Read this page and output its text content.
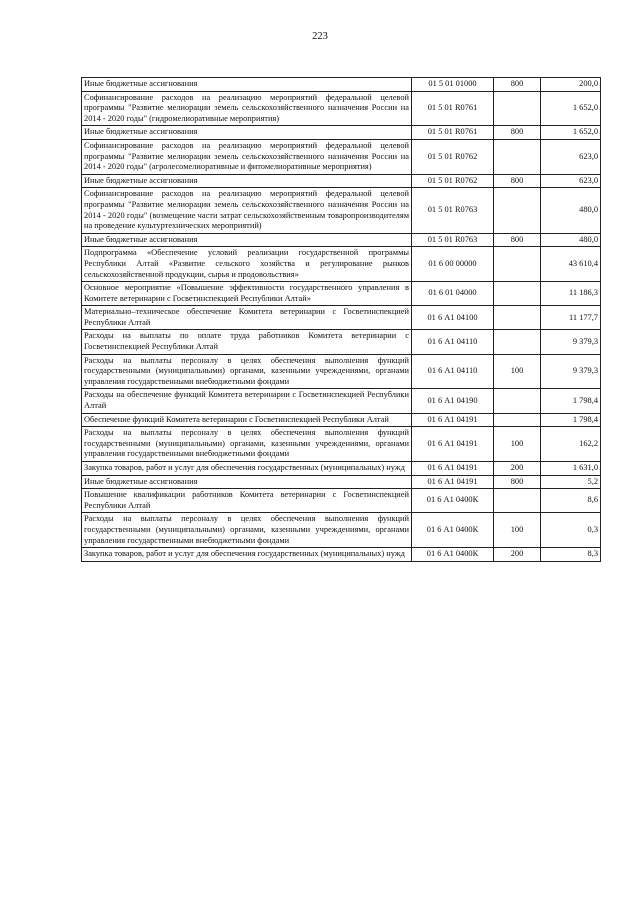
223
Иные бюджетные ассигнования	01 5 01 01000	800	200,0
Софинансирование расходов на реализацию мероприятий федеральной целевой программы "Развитие мелиорации земель сельскохозяйственного назначения России на 2014 - 2020 годы" (гидромелиоративные мероприятия)	01 5 01 R0761		1 652,0
Иные бюджетные ассигнования	01 5 01 R0761	800	1 652,0
Софинансирование расходов на реализацию мероприятий федеральной целевой программы "Развитие мелиорации земель сельскохозяйственного назначения России на 2014 - 2020 годы" (агролесомелиоративные и фитомелиоративные мероприятия)	01 5 01 R0762		623,0
Иные бюджетные ассигнования	01 5 01 R0762	800	623,0
Софинансирование расходов на реализацию мероприятий федеральной целевой программы "Развитие мелиорации земель сельскохозяйственного назначения России на 2014 - 2020 годы" (возмещение части затрат сельскохозяйственным товаропроизводителям на проведение культуртехнических мероприятий)	01 5 01 R0763		480,0
Иные бюджетные ассигнования	01 5 01 R0763	800	480,0
Подпрограмма «Обеспечение условий реализации государственной программы Республики Алтай «Развитие сельского хозяйства и регулирование рынков сельскохозяйственной продукции, сырья и продовольствия»	01 6 00 00000		43 610,4
Основное мероприятие «Повышение эффективности государственного управления в Комитете ветеринарии с Госветинспекцией Республики Алтай»	01 6 01 04000		11 186,3
Материально–техническое обеспечение Комитета ветеринарии с Госветинспекцией Республики Алтай	01 6 А1 04100		11 177,7
Расходы на выплаты по оплате труда работников Комитета ветеринарии с Госветинспекцией Республики Алтай	01 6 А1 04110		9 379,3
Расходы на выплаты персоналу в целях обеспечения выполнения функций государственными (муниципальными) органами, казенными учреждениями, органами управления государственными внебюджетными фондами	01 6 А1 04110	100	9 379,3
Расходы на обеспечение функций Комитета ветеринарии с Госветинспекцией Республики Алтай	01 6 А1 04190		1 798,4
Обеспечение функций Комитета ветеринарии с Госветинспекцией Республики Алтай	01 6 А1 04191		1 798,4
Расходы на выплаты персоналу в целях обеспечения выполнения функций государственными (муниципальными) органами, казенными учреждениями, органами управления государственными внебюджетными фондами	01 6 А1 04191	100	162,2
Закупка товаров, работ и услуг для обеспечения государственных (муниципальных) нужд	01 6 А1 04191	200	1 631,0
Иные бюджетные ассигнования	01 6 А1 04191	800	5,2
Повышение квалификации работников Комитета ветеринарии с Госветинспекцией Республики Алтай	01 6 А1 0400К		8,6
Расходы на выплаты персоналу в целях обеспечения выполнения функций государственными (муниципальными) органами, казенными учреждениями, органами управления государственными внебюджетными фондами	01 6 А1 0400К	100	0,3
Закупка товаров, работ и услуг для обеспечения государственных (муниципальных) нужд	01 6 А1 0400К	200	8,3
